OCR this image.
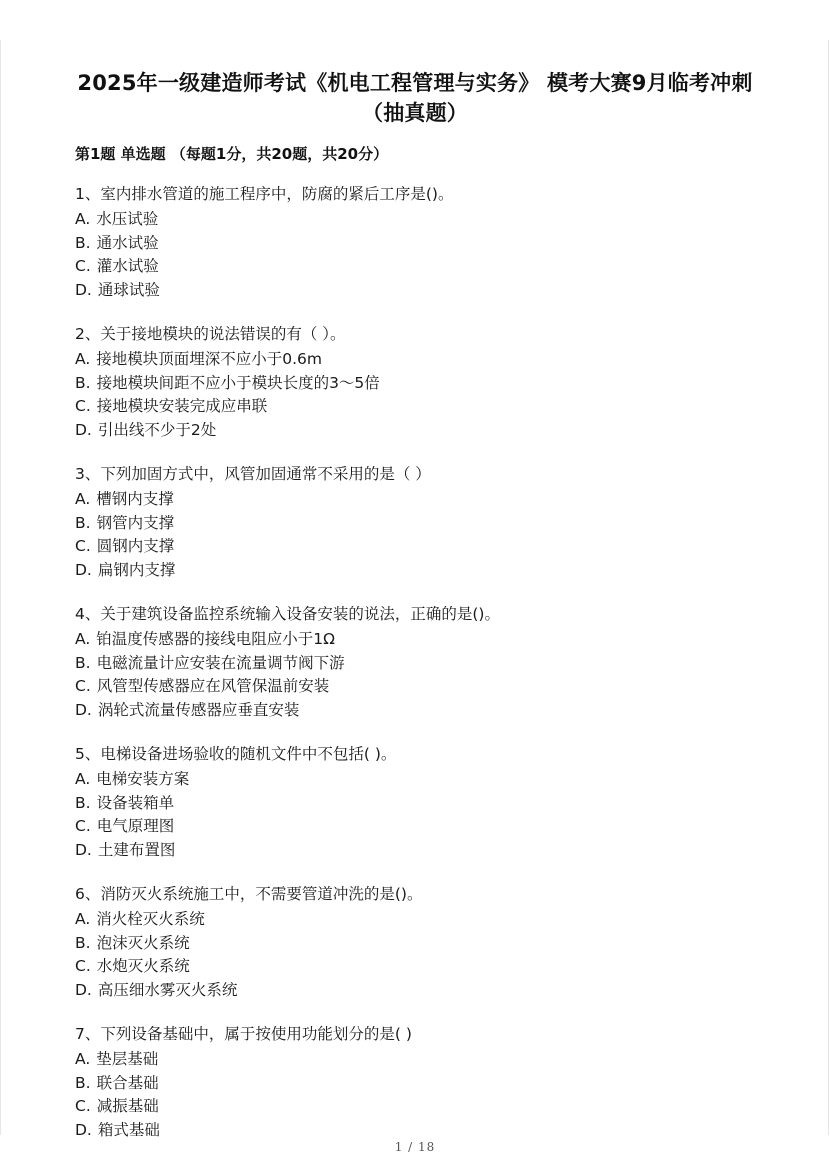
2025年一级建造师考试《机电工程管理与实务》 模考大赛9月临考冲刺（抽真题）
第1题 单选题 （每题1分，共20题，共20分）
1、室内排水管道的施工程序中，防腐的紧后工序是()。
A. 水压试验
B. 通水试验
C. 灌水试验
D. 通球试验
2、关于接地模块的说法错误的有（ ）。
A. 接地模块顶面埋深不应小于0.6m
B. 接地模块间距不应小于模块长度的3～5倍
C. 接地模块安装完成应串联
D. 引出线不少于2处
3、下列加固方式中，风管加固通常不采用的是（ ）
A. 槽钢内支撑
B. 钢管内支撑
C. 圆钢内支撑
D. 扁钢内支撑
4、关于建筑设备监控系统输入设备安装的说法，正确的是()。
A. 铂温度传感器的接线电阻应小于1Ω
B. 电磁流量计应安装在流量调节阀下游
C. 风管型传感器应在风管保温前安装
D. 涡轮式流量传感器应垂直安装
5、电梯设备进场验收的随机文件中不包括( )。
A. 电梯安装方案
B. 设备装箱单
C. 电气原理图
D. 土建布置图
6、消防灭火系统施工中，不需要管道冲洗的是()。
A. 消火栓灭火系统
B. 泡沫灭火系统
C. 水炮灭火系统
D. 高压细水雾灭火系统
7、下列设备基础中，属于按使用功能划分的是( )
A. 垫层基础
B. 联合基础
C. 减振基础
D. 箱式基础
1 / 18
